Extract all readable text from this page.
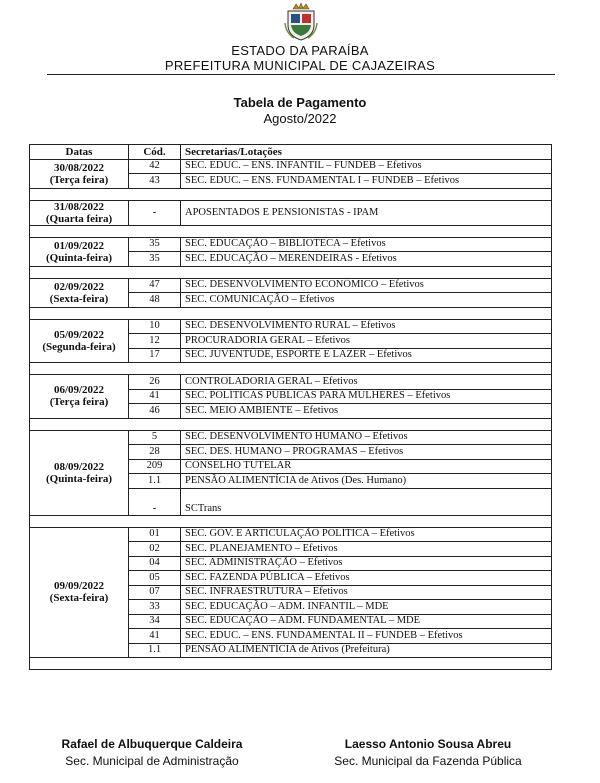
ESTADO DA PARAÍBA
PREFEITURA MUNICIPAL DE CAJAZEIRAS
Tabela de Pagamento
Agosto/2022
Datas	Cód.	Secretarias/Lotações

30/08/2022
(Terça feira)	42	SEC. EDUC. – ENS. INFANTIL – FUNDEB – Efetivos
	43	SEC. EDUC. – ENS. FUNDAMENTAL I – FUNDEB – Efetivos

31/08/2022
(Quarta feira)	-	APOSENTADOS E PENSIONISTAS - IPAM

01/09/2022
(Quinta-feira)	35	SEC. EDUCAÇÃO – BIBLIOTECA – Efetivos
	35	SEC. EDUCAÇÃO – MERENDEIRAS - Efetivos

02/09/2022
(Sexta-feira)	47	SEC. DESENVOLVIMENTO ECONÔMICO – Efetivos
	48	SEC. COMUNICAÇÃO – Efetivos

05/09/2022
(Segunda-feira)	10	SEC. DESENVOLVIMENTO RURAL – Efetivos
	12	PROCURADORIA GERAL – Efetivos
	17	SEC. JUVENTUDE, ESPORTE E LAZER – Efetivos

06/09/2022
(Terça feira)	26	CONTROLADORIA GERAL – Efetivos
	41	SEC. POLÍTICAS PÚBLICAS PARA MULHERES – Efetivos
	46	SEC. MEIO AMBIENTE – Efetivos

08/09/2022
(Quinta-feira)	5	SEC. DESENVOLVIMENTO HUMANO – Efetivos
	28	SEC. DES. HUMANO – PROGRAMAS – Efetivos
	209	CONSELHO TUTELAR
	1.1	PENSÃO ALIMENTÍCIA de Ativos (Des. Humano)
	-	SCTrans

09/09/2022
(Sexta-feira)	01	SEC. GOV. E ARTICULAÇÃO POLÍTICA – Efetivos
	02	SEC. PLANEJAMENTO – Efetivos
	04	SEC. ADMINISTRAÇÃO – Efetivos
	05	SEC. FAZENDA PÚBLICA – Efetivos
	07	SEC. INFRAESTRUTURA – Efetivos
	33	SEC. EDUCAÇÃO – ADM. INFANTIL – MDE
	34	SEC. EDUCAÇÃO – ADM. FUNDAMENTAL – MDE
	41	SEC. EDUC. – ENS. FUNDAMENTAL II – FUNDEB – Efetivos
	1.1	PENSÃO ALIMENTÍCIA de Ativos (Prefeitura)

Rafael de Albuquerque Caldeira
Sec. Municipal de Administração
Laesso Antonio Sousa Abreu
Sec. Municipal da Fazenda Pública
